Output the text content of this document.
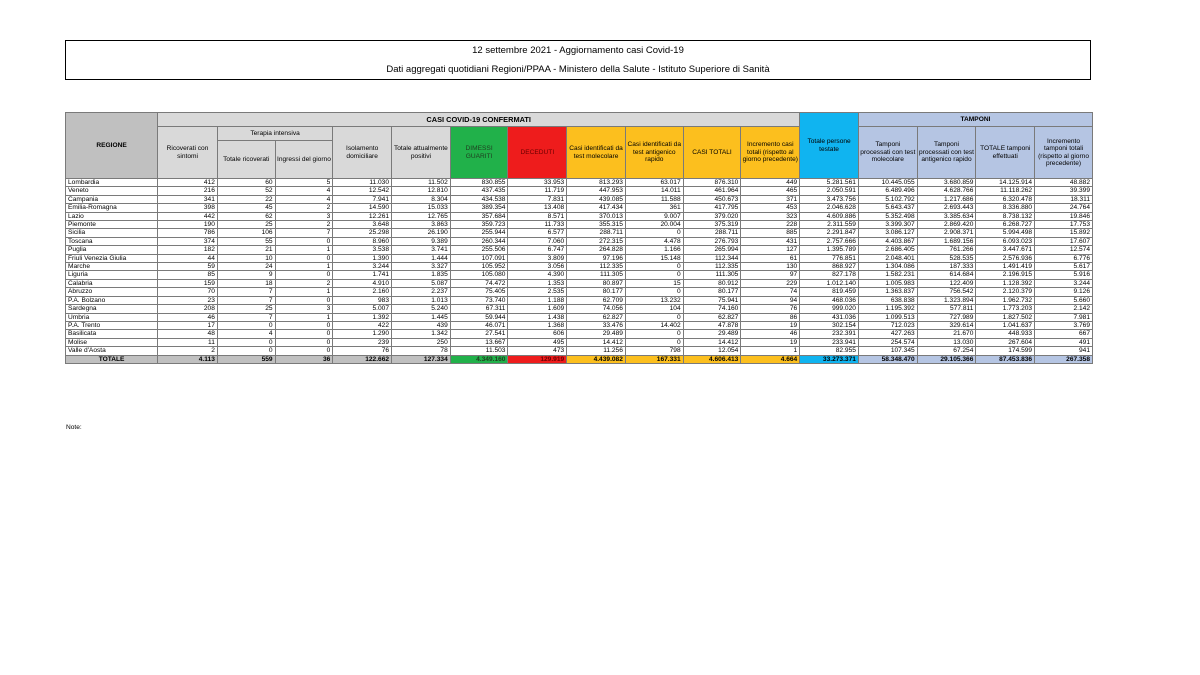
12 settembre 2021 - Aggiornamento casi Covid-19
Dati aggregati quotidiani Regioni/PPAA - Ministero della Salute - Istituto Superiore di Sanità
REGIONE	CASI COVID-19 CONFERMATI											Totale persone testate	TAMPONI			
	Ricoverati con sintomi	Terapia intensiva		Isolamento domiciliare	Totale attualmente positivi	DIMESSI GUARITI	DECEDUTI	Casi identificati da test molecolare	Casi identificati da test antigenico rapido	CASI TOTALI	Incremento casi totali (rispetto al giorno precedente)		Tamponi processati con test molecolare	Tamponi processati con test antigenico rapido	TOTALE tamponi effettuati	Incremento tamponi totali (rispetto al giorno precedente)
		Totale ricoverati	Ingressi del giorno													
Lombardia	412	60	5	11.030	11.502	830.855	33.953	813.293	63.017	876.310	449	5.281.561	10.445.055	3.680.859	14.125.914	48.882
Veneto	216	52	4	12.542	12.810	437.435	11.719	447.953	14.011	461.964	465	2.050.591	6.489.496	4.628.766	11.118.262	39.399
Campania	341	22	4	7.941	8.304	434.538	7.831	439.085	11.588	450.673	371	3.473.756	5.102.792	1.217.686	6.320.478	18.311
Emilia-Romagna	398	45	2	14.590	15.033	389.354	13.408	417.434	361	417.795	453	2.046.628	5.643.437	2.693.443	8.336.880	24.764
Lazio	442	62	3	12.261	12.765	357.684	8.571	370.013	9.007	379.020	323	4.609.886	5.352.498	3.385.634	8.738.132	19.846
Piemonte	190	25	2	3.648	3.863	359.723	11.733	355.315	20.004	375.319	228	2.311.559	3.399.307	2.869.420	6.268.727	17.753
Sicilia	786	106	7	25.298	26.190	255.944	6.577	288.711	0	288.711	885	2.291.847	3.086.127	2.908.371	5.994.498	15.892
Toscana	374	55	0	8.960	9.389	260.344	7.060	272.315	4.478	276.793	431	2.757.666	4.403.867	1.689.156	6.093.023	17.607
Puglia	182	21	1	3.538	3.741	255.506	6.747	264.828	1.166	265.994	127	1.395.789	2.686.405	761.266	3.447.671	12.574
Friuli Venezia Giulia	44	10	0	1.390	1.444	107.091	3.809	97.196	15.148	112.344	61	776.851	2.048.401	528.535	2.576.936	6.776
Marche	59	24	1	3.244	3.327	105.952	3.056	112.335	0	112.335	130	868.927	1.304.086	187.333	1.491.419	5.617
Liguria	85	9	0	1.741	1.835	105.080	4.390	111.305	0	111.305	97	827.178	1.582.231	614.684	2.196.915	5.916
Calabria	159	18	2	4.910	5.087	74.472	1.353	80.897	15	80.912	229	1.012.140	1.005.983	122.409	1.128.392	3.244
Abruzzo	70	7	1	2.160	2.237	75.405	2.535	80.177	0	80.177	74	819.459	1.363.837	756.542	2.120.379	9.126
P.A. Bolzano	23	7	0	983	1.013	73.740	1.188	62.709	13.232	75.941	94	468.036	638.838	1.323.894	1.962.732	5.660
Sardegna	208	25	3	5.007	5.240	67.311	1.609	74.056	104	74.160	76	999.020	1.195.392	577.811	1.773.203	2.142
Umbria	46	7	1	1.392	1.445	59.944	1.438	62.827	0	62.827	86	431.036	1.099.513	727.989	1.827.502	7.981
P.A. Trento	17	0	0	422	439	46.071	1.368	33.476	14.402	47.878	19	302.154	712.023	329.614	1.041.637	3.769
Basilicata	48	4	0	1.290	1.342	27.541	606	29.489	0	29.489	46	232.391	427.263	21.670	448.933	667
Molise	11	0	0	239	250	13.667	495	14.412	0	14.412	19	233.941	254.574	13.030	267.604	491
Valle d'Aosta	2	0	0	76	78	11.503	473	11.256	798	12.054	1	82.955	107.345	67.254	174.599	941
TOTALE	4.113	559	36	122.662	127.334	4.349.160	129.919	4.439.082	167.331	4.606.413	4.664	33.273.371	58.348.470	29.105.366	87.453.836	267.358
Note:
